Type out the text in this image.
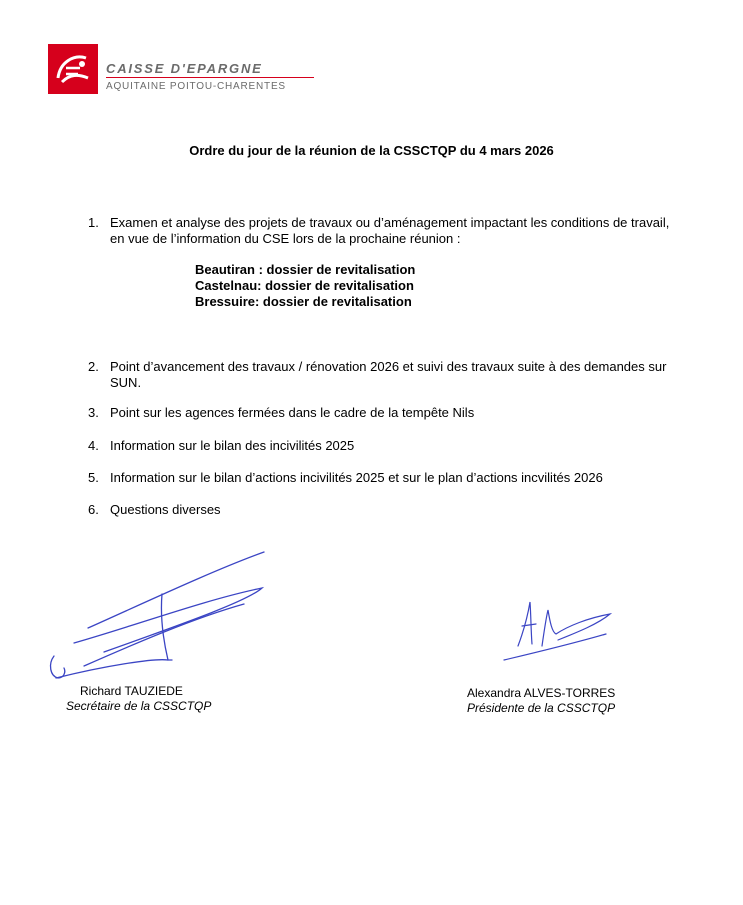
CAISSE D'EPARGNE
AQUITAINE POITOU-CHARENTES
Ordre du jour de la réunion de la CSSCTQP du 4 mars 2026
1. Examen et analyse des projets de travaux ou d’aménagement impactant les conditions de travail, en vue de l’information du CSE lors de la prochaine réunion :
Beautiran : dossier de revitalisation
Castelnau: dossier de revitalisation
Bressuire: dossier de revitalisation
2. Point d’avancement des travaux / rénovation 2026 et suivi des travaux suite à des demandes sur SUN.
3. Point sur les agences fermées dans le cadre de la tempête Nils
4. Information sur le bilan des incivilités 2025
5. Information sur le bilan d’actions incivilités 2025 et sur le plan d’actions incvilités 2026
6. Questions diverses
Richard TAUZIEDE
Secrétaire de la CSSCTQP
Alexandra ALVES-TORRES
Présidente de la CSSCTQP
